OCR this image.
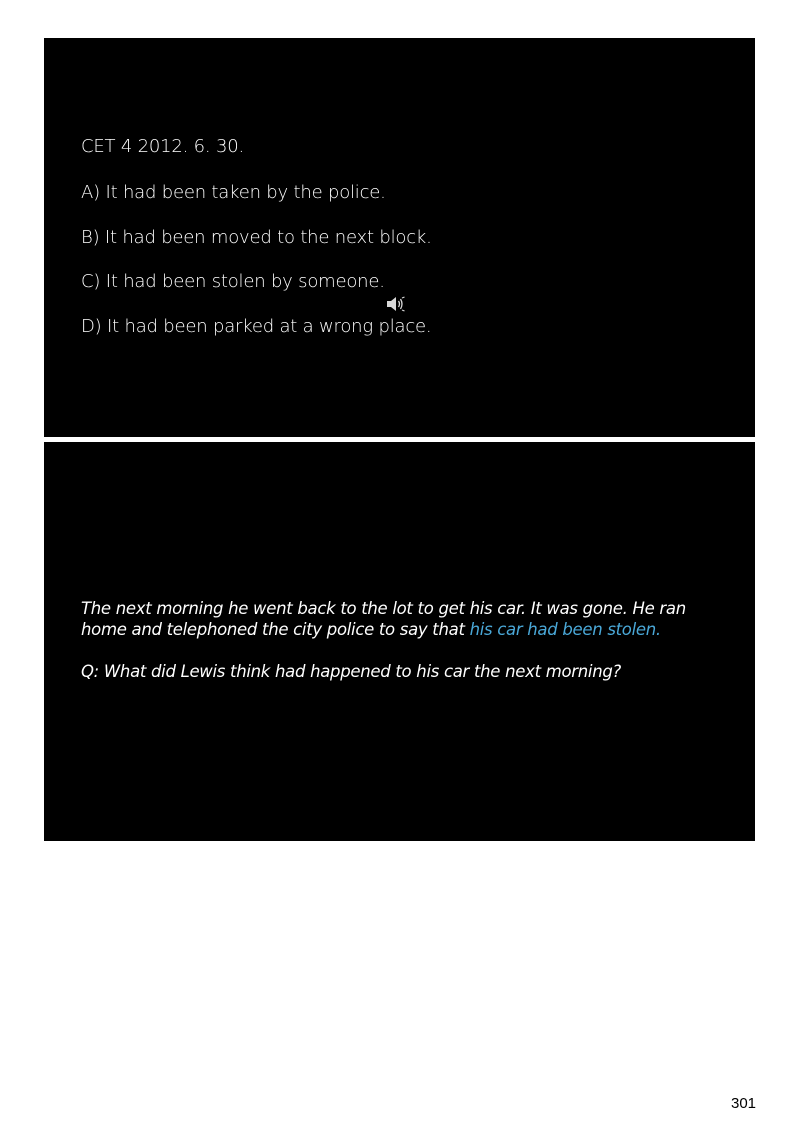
CET 4 2012. 6. 30.
A) It had been taken by the police.
B) It had been moved to the next block.
C) It had been stolen by someone.
D) It had been parked at a wrong place.
The next morning he went back to the lot to get his car. It was gone. He ran home and telephoned the city police to say that his car had been stolen.
Q: What did Lewis think had happened to his car the next morning?
301
